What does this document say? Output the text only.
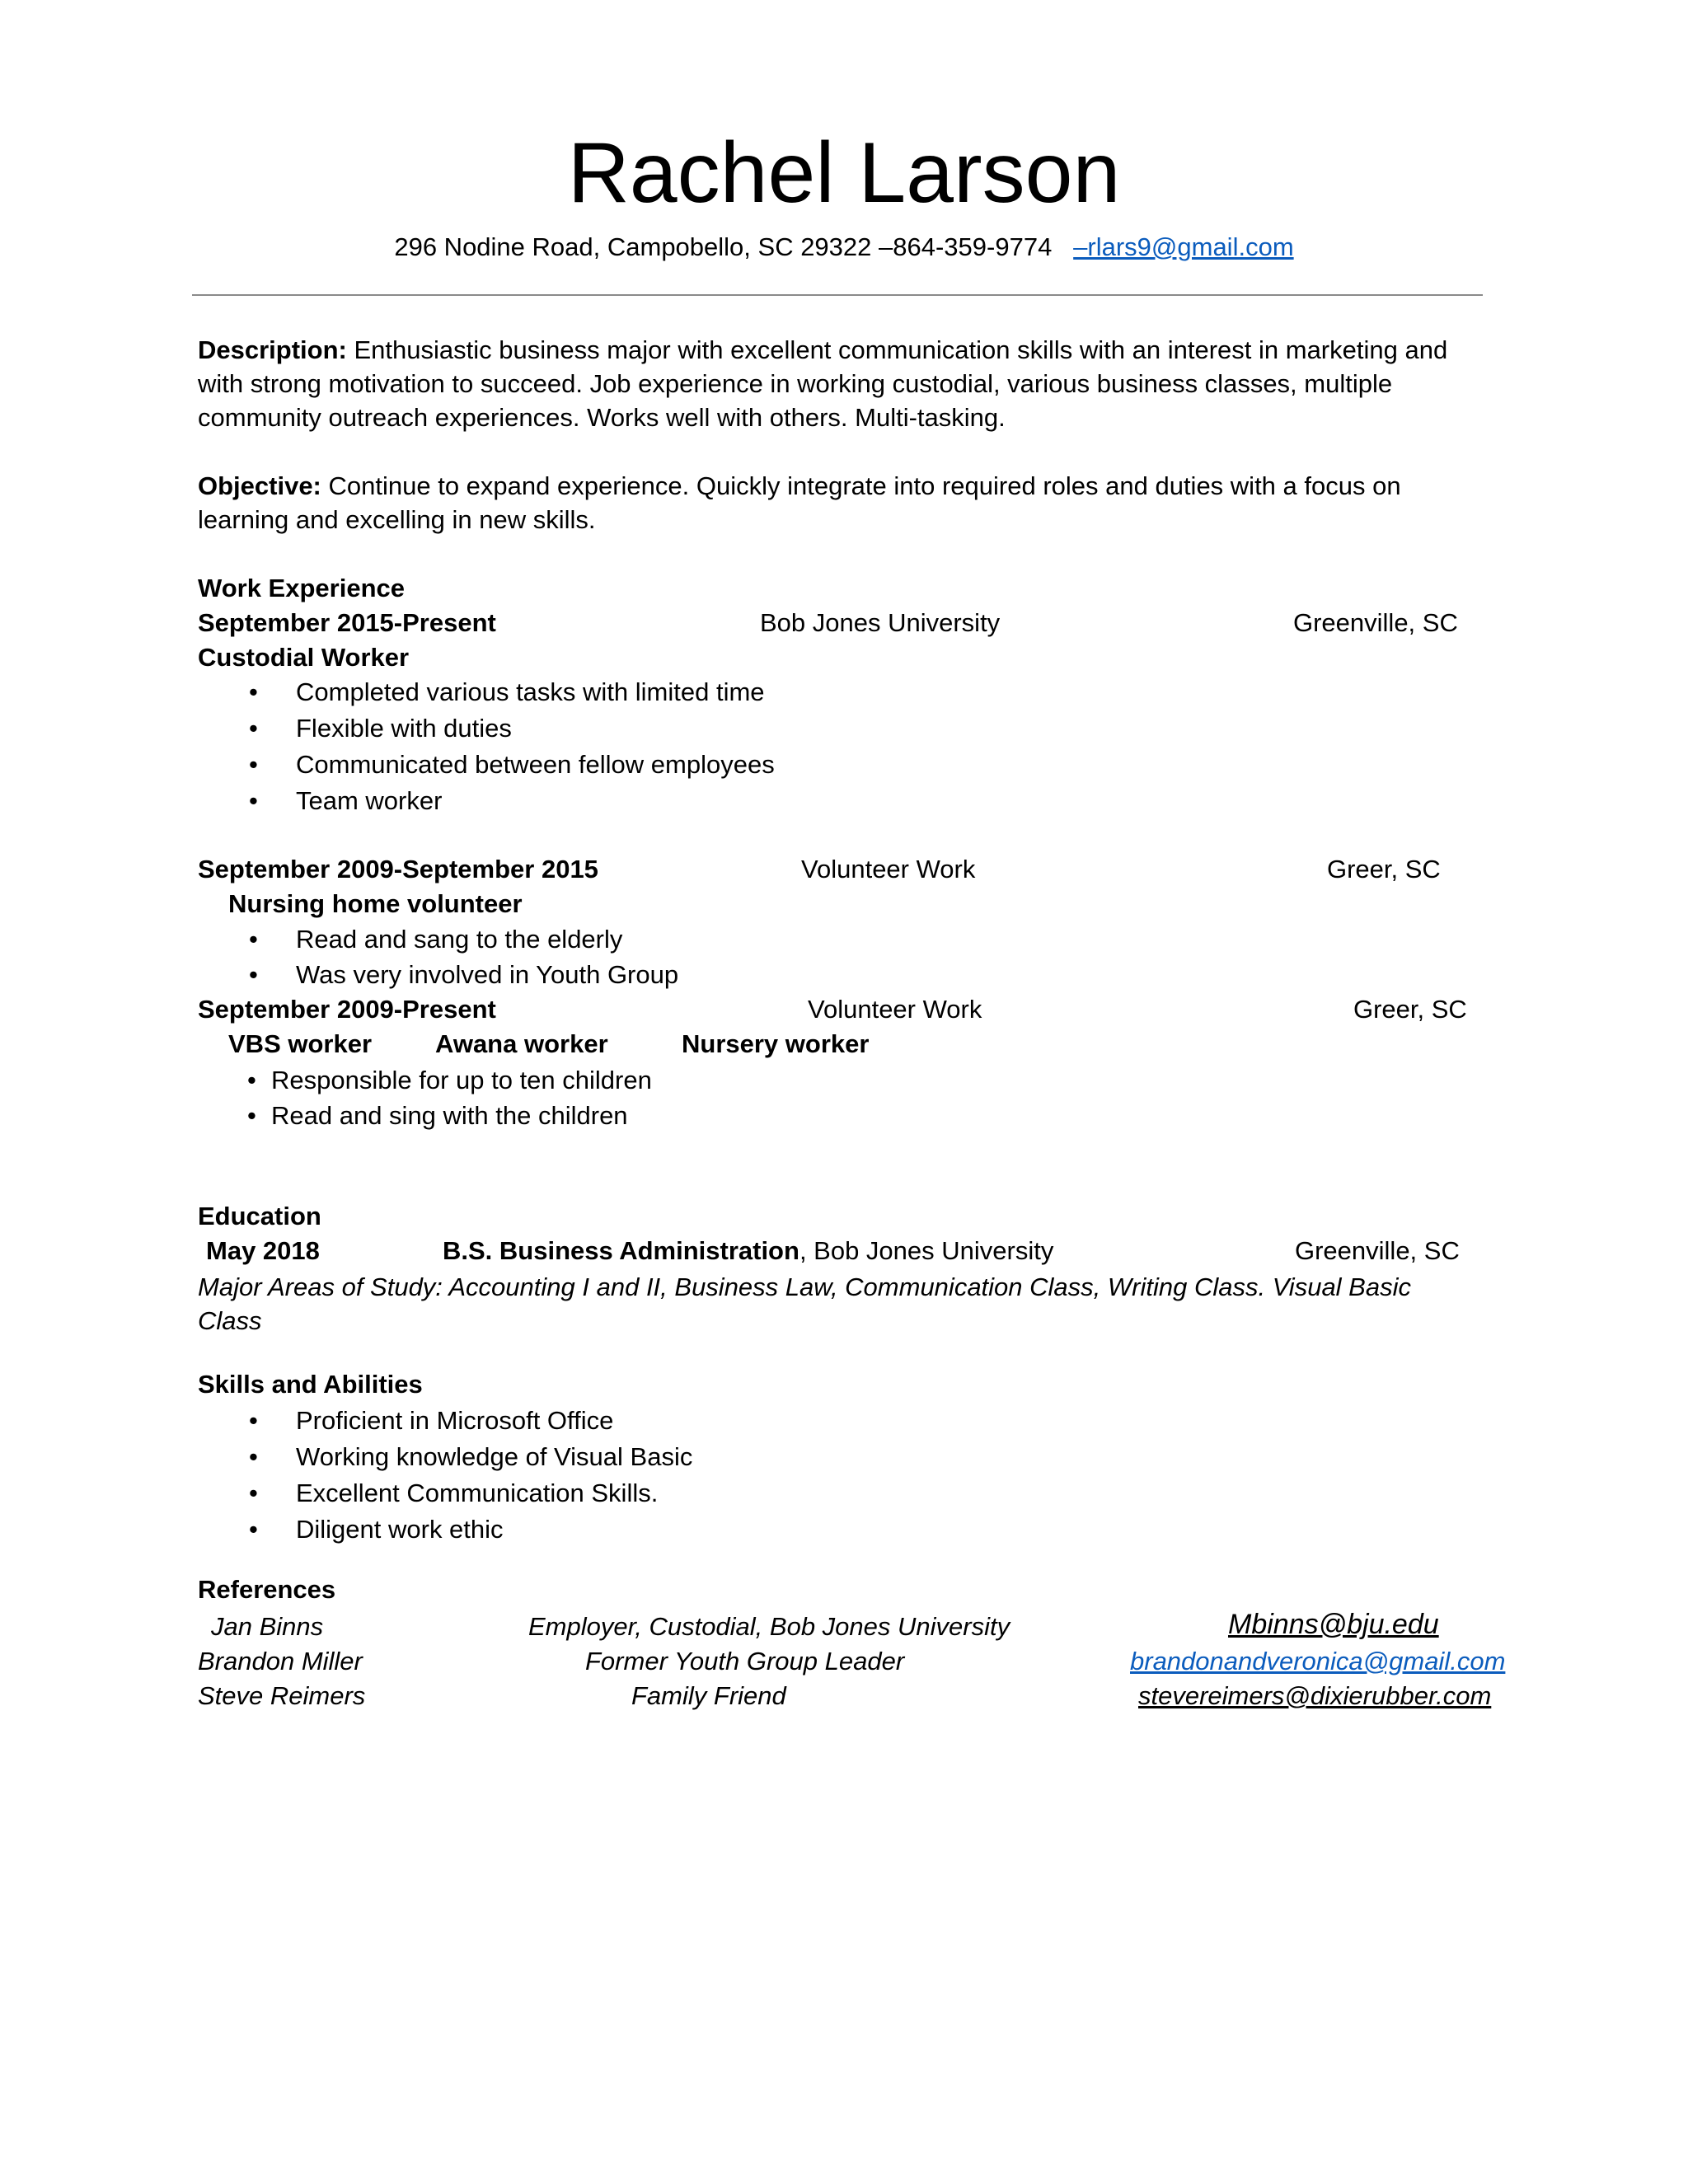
Rachel Larson
296 Nodine Road, Campobello, SC 29322 –864-359-9774 –rlars9@gmail.com
Description: Enthusiastic business major with excellent communication skills with an interest in marketing and with strong motivation to succeed. Job experience in working custodial, various business classes, multiple community outreach experiences. Works well with others. Multi-tasking.
Objective: Continue to expand experience. Quickly integrate into required roles and duties with a focus on learning and excelling in new skills.
Work Experience
September 2015-Present	Bob Jones University	Greenville, SC
Custodial Worker
• Completed various tasks with limited time
• Flexible with duties
• Communicated between fellow employees
• Team worker
September 2009-September 2015	Volunteer Work	Greer, SC
Nursing home volunteer
• Read and sang to the elderly
• Was very involved in Youth Group
September 2009-Present	Volunteer Work	Greer, SC
VBS worker Awana worker	Nursery worker
• Responsible for up to ten children
• Read and sing with the children
Education
May 2018	B.S. Business Administration, Bob Jones University	Greenville, SC
Major Areas of Study: Accounting I and II, Business Law, Communication Class, Writing Class. Visual Basic Class
Skills and Abilities
• Proficient in Microsoft Office
• Working knowledge of Visual Basic
• Excellent Communication Skills.
• Diligent work ethic
References
Jan Binns	Employer, Custodial, Bob Jones University	Mbinns@bju.edu
Brandon Miller	Former Youth Group Leader	brandonandveronica@gmail.com
Steve Reimers	Family Friend	stevereimers@dixierubber.com
